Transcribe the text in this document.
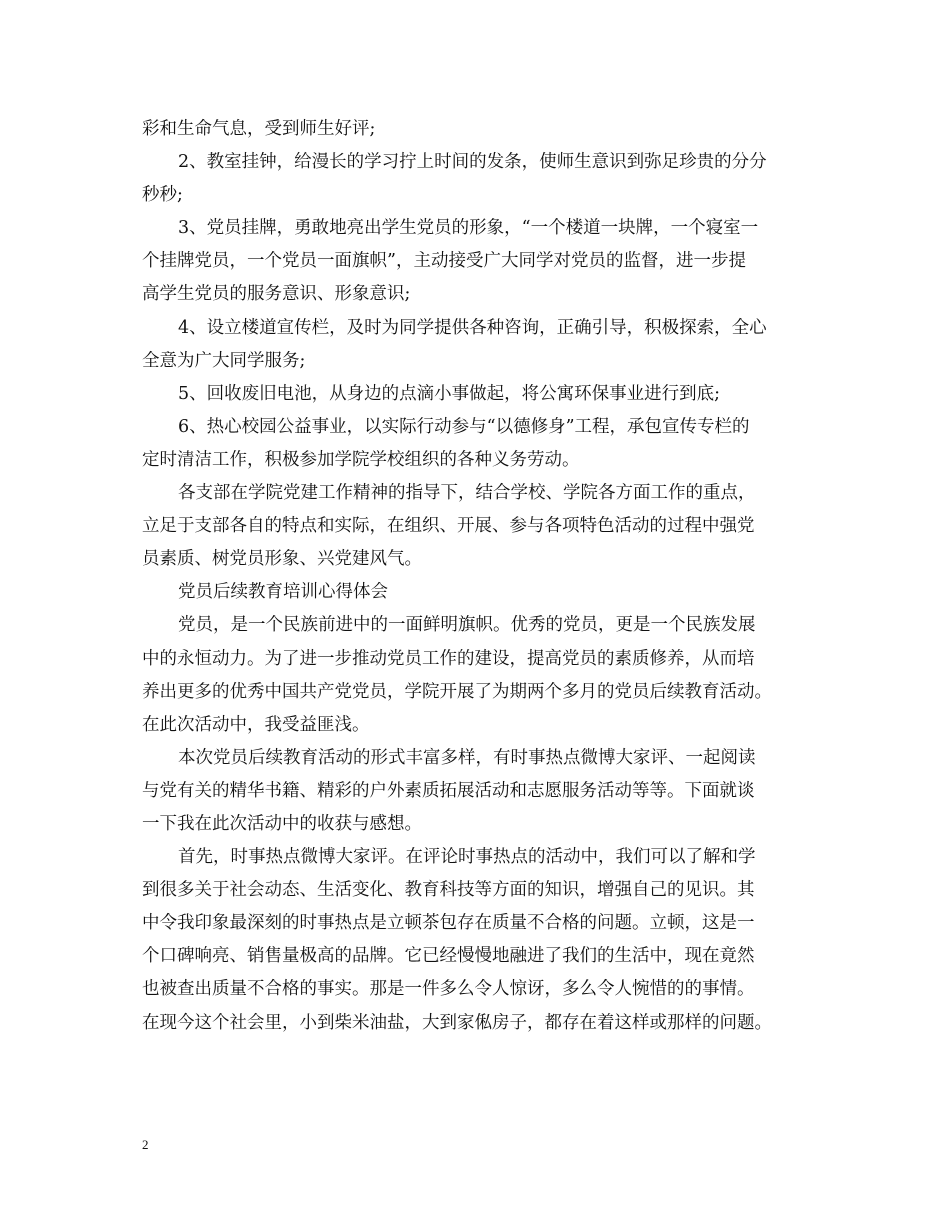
彩和生命气息，受到师生好评;
2、教室挂钟，给漫长的学习拧上时间的发条，使师生意识到弥足珍贵的分分
秒秒;
3、党员挂牌，勇敢地亮出学生党员的形象，“一个楼道一块牌，一个寝室一
个挂牌党员，一个党员一面旗帜”，主动接受广大同学对党员的监督，进一步提
高学生党员的服务意识、形象意识;
4、设立楼道宣传栏，及时为同学提供各种咨询，正确引导，积极探索，全心
全意为广大同学服务;
5、回收废旧电池，从身边的点滴小事做起，将公寓环保事业进行到底;
6、热心校园公益事业，以实际行动参与“以德修身”工程，承包宣传专栏的
定时清洁工作，积极参加学院学校组织的各种义务劳动。
各支部在学院党建工作精神的指导下，结合学校、学院各方面工作的重点，
立足于支部各自的特点和实际，在组织、开展、参与各项特色活动的过程中强党
员素质、树党员形象、兴党建风气。
党员后续教育培训心得体会
党员，是一个民族前进中的一面鲜明旗帜。优秀的党员，更是一个民族发展
中的永恒动力。为了进一步推动党员工作的建设，提高党员的素质修养，从而培
养出更多的优秀中国共产党党员，学院开展了为期两个多月的党员后续教育活动。
在此次活动中，我受益匪浅。
本次党员后续教育活动的形式丰富多样，有时事热点微博大家评、一起阅读
与党有关的精华书籍、精彩的户外素质拓展活动和志愿服务活动等等。下面就谈
一下我在此次活动中的收获与感想。
首先，时事热点微博大家评。在评论时事热点的活动中，我们可以了解和学
到很多关于社会动态、生活变化、教育科技等方面的知识，增强自己的见识。其
中令我印象最深刻的时事热点是立顿茶包存在质量不合格的问题。立顿，这是一
个口碑响亮、销售量极高的品牌。它已经慢慢地融进了我们的生活中，现在竟然
也被查出质量不合格的事实。那是一件多么令人惊讶，多么令人惋惜的的事情。
在现今这个社会里，小到柴米油盐，大到家俬房子，都存在着这样或那样的问题。
2
